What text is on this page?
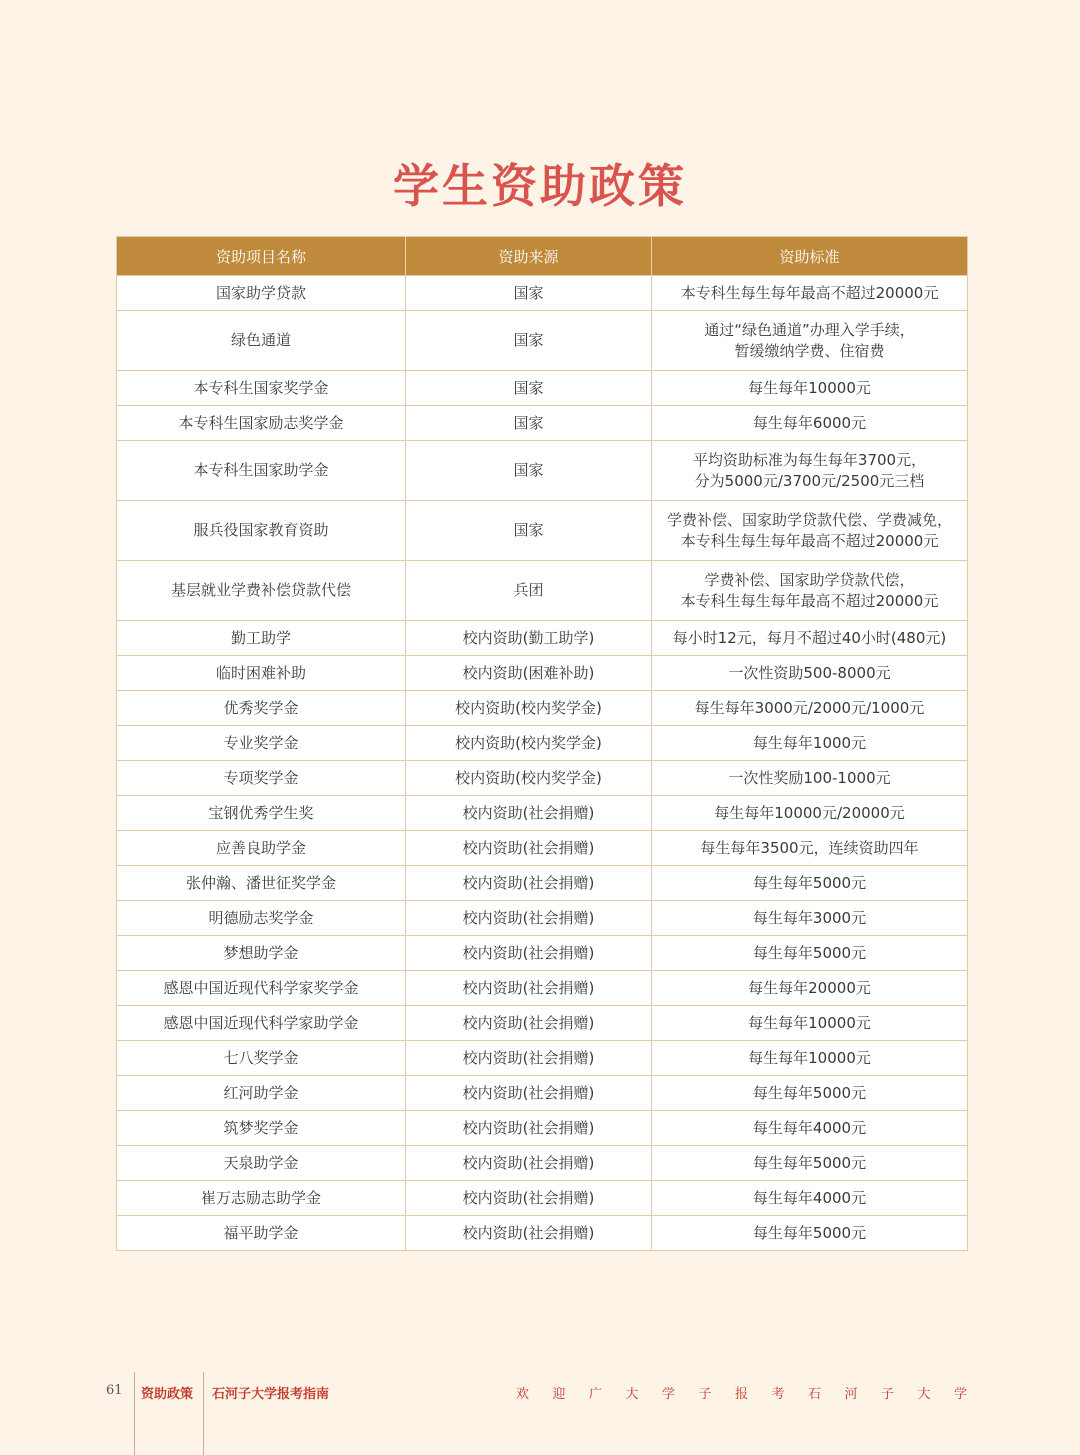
学生资助政策
资助项目名称	资助来源	资助标准
国家助学贷款	国家	本专科生每生每年最高不超过20000元
绿色通道	国家	通过“绿色通道”办理入学手续，
暂缓缴纳学费、住宿费
本专科生国家奖学金	国家	每生每年10000元
本专科生国家励志奖学金	国家	每生每年6000元
本专科生国家助学金	国家	平均资助标准为每生每年3700元，
分为5000元/3700元/2500元三档
服兵役国家教育资助	国家	学费补偿、国家助学贷款代偿、学费减免，
本专科生每生每年最高不超过20000元
基层就业学费补偿贷款代偿	兵团	学费补偿、国家助学贷款代偿，
本专科生每生每年最高不超过20000元
勤工助学	校内资助(勤工助学)	每小时12元，每月不超过40小时(480元)
临时困难补助	校内资助(困难补助)	一次性资助500-8000元
优秀奖学金	校内资助(校内奖学金)	每生每年3000元/2000元/1000元
专业奖学金	校内资助(校内奖学金)	每生每年1000元
专项奖学金	校内资助(校内奖学金)	一次性奖励100-1000元
宝钢优秀学生奖	校内资助(社会捐赠)	每生每年10000元/20000元
应善良助学金	校内资助(社会捐赠)	每生每年3500元，连续资助四年
张仲瀚、潘世征奖学金	校内资助(社会捐赠)	每生每年5000元
明德励志奖学金	校内资助(社会捐赠)	每生每年3000元
梦想助学金	校内资助(社会捐赠)	每生每年5000元
感恩中国近现代科学家奖学金	校内资助(社会捐赠)	每生每年20000元
感恩中国近现代科学家助学金	校内资助(社会捐赠)	每生每年10000元
七八奖学金	校内资助(社会捐赠)	每生每年10000元
红河助学金	校内资助(社会捐赠)	每生每年5000元
筑梦奖学金	校内资助(社会捐赠)	每生每年4000元
天泉助学金	校内资助(社会捐赠)	每生每年5000元
崔万志励志助学金	校内资助(社会捐赠)	每生每年4000元
福平助学金	校内资助(社会捐赠)	每生每年5000元
61 资助政策 石河子大学报考指南	欢迎广大学子报考石河子大学
